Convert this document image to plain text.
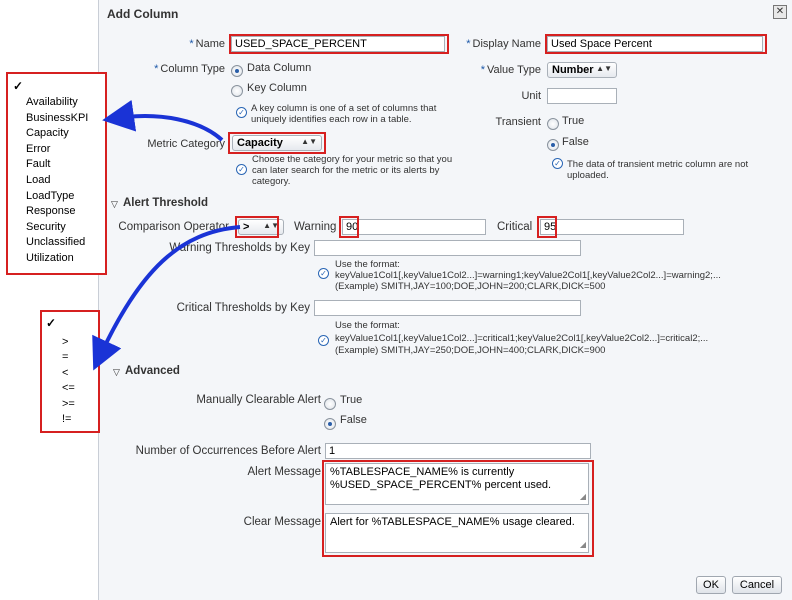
Add Column	✕
* Name USED_SPACE_PERCENT	* Display Name Used Space Percent
* Column Type Data Column
Key Column
✓ A key column is one of a set of columns that
uniquely identifies each row in a table.
* Value Type	Number ▲▼
Unit
Transient True
False
✓ The data of transient metric column are not uploaded.
Metric Category	Capacity ▲▼
✓
Choose the category for your metric so that you
can later search for the metric or its alerts by
category.
▽ Alert Threshold
Comparison Operator	> ▲▼ Warning 90	Critical	95
Warning Thresholds by Key
✓
Use the format:
keyValue1Col1[,keyValue1Col2...]=warning1;keyValue2Col1[,keyValue2Col2...]=warning2;...
(Example) SMITH,JAY=100;DOE,JOHN=200;CLARK,DICK=500
Critical Thresholds by Key
✓
Use the format:
keyValue1Col1[,keyValue1Col2...]=critical1;keyValue2Col1[,keyValue2Col2...]=critical2;...
(Example) SMITH,JAY=250;DOE,JOHN=400;CLARK,DICK=900
▽ Advanced
Manually Clearable Alert True
False
Number of Occurrences Before Alert 1
Alert Message %TABLESPACE_NAME% is currently
%USED_SPACE_PERCENT% percent used.
◢
Clear Message Alert for %TABLESPACE_NAME% usage cleared.
◢
OK	Cancel
✓
Availability
BusinessKPI
Capacity
Error
Fault
Load
LoadType
Response
Security
Unclassified
Utilization
✓
>
=
<
<=
>=
!=
